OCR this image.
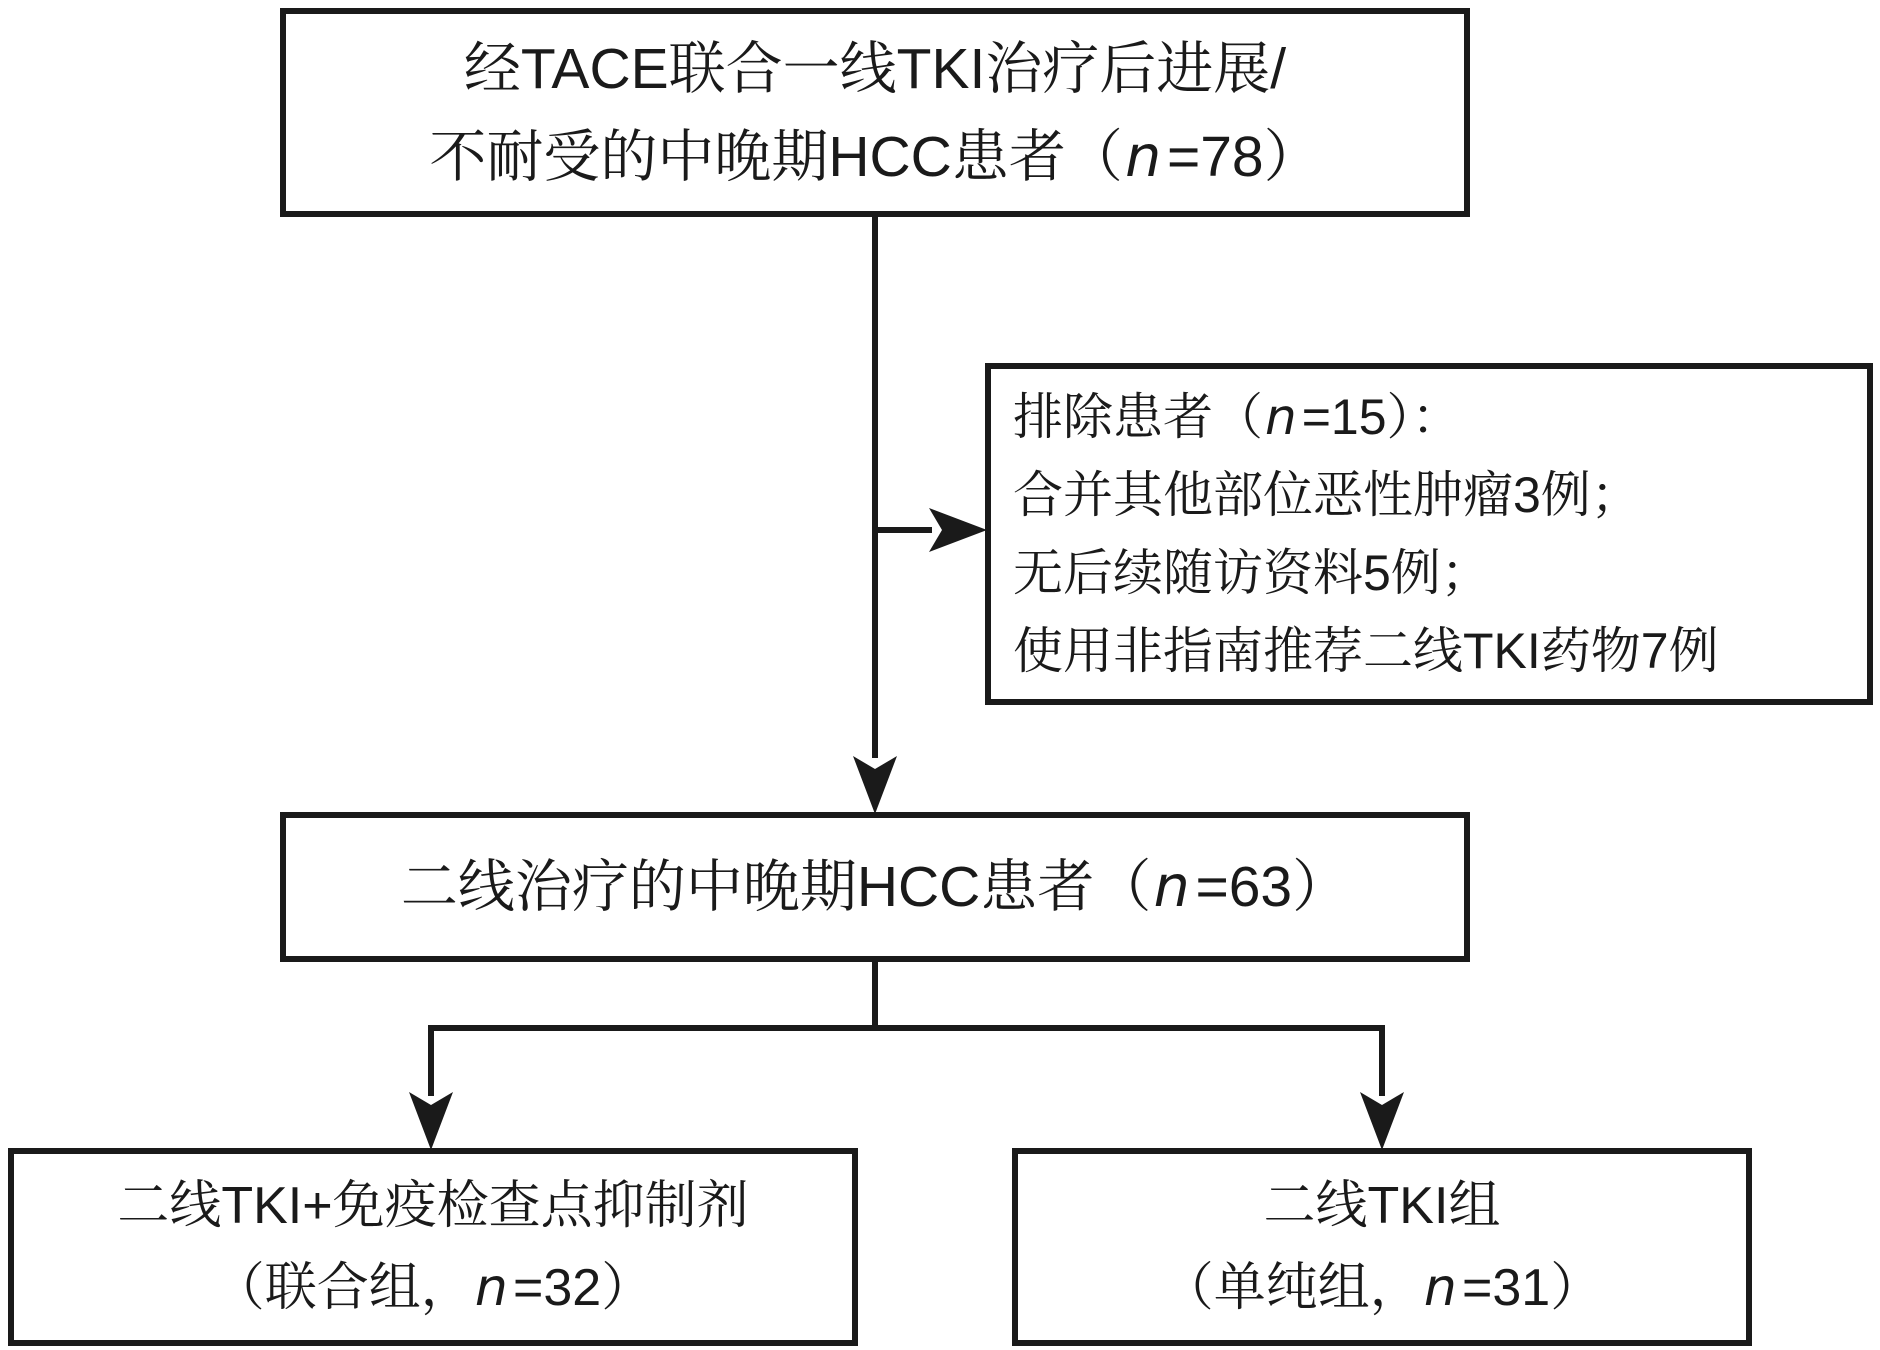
经TACE联合一线TKI治疗后进展/
不耐受的中晚期HCC患者（n=78）
排除患者（n =15）：
合并其他部位恶性肿瘤3例；
无后续随访资料5例；
使用非指南推荐二线TKI药物7例
二线治疗的中晚期HCC患者（n=63）
二线TKI+免疫检查点抑制剂
（联合组，n=32）
二线TKI组
（单纯组，n=31）
